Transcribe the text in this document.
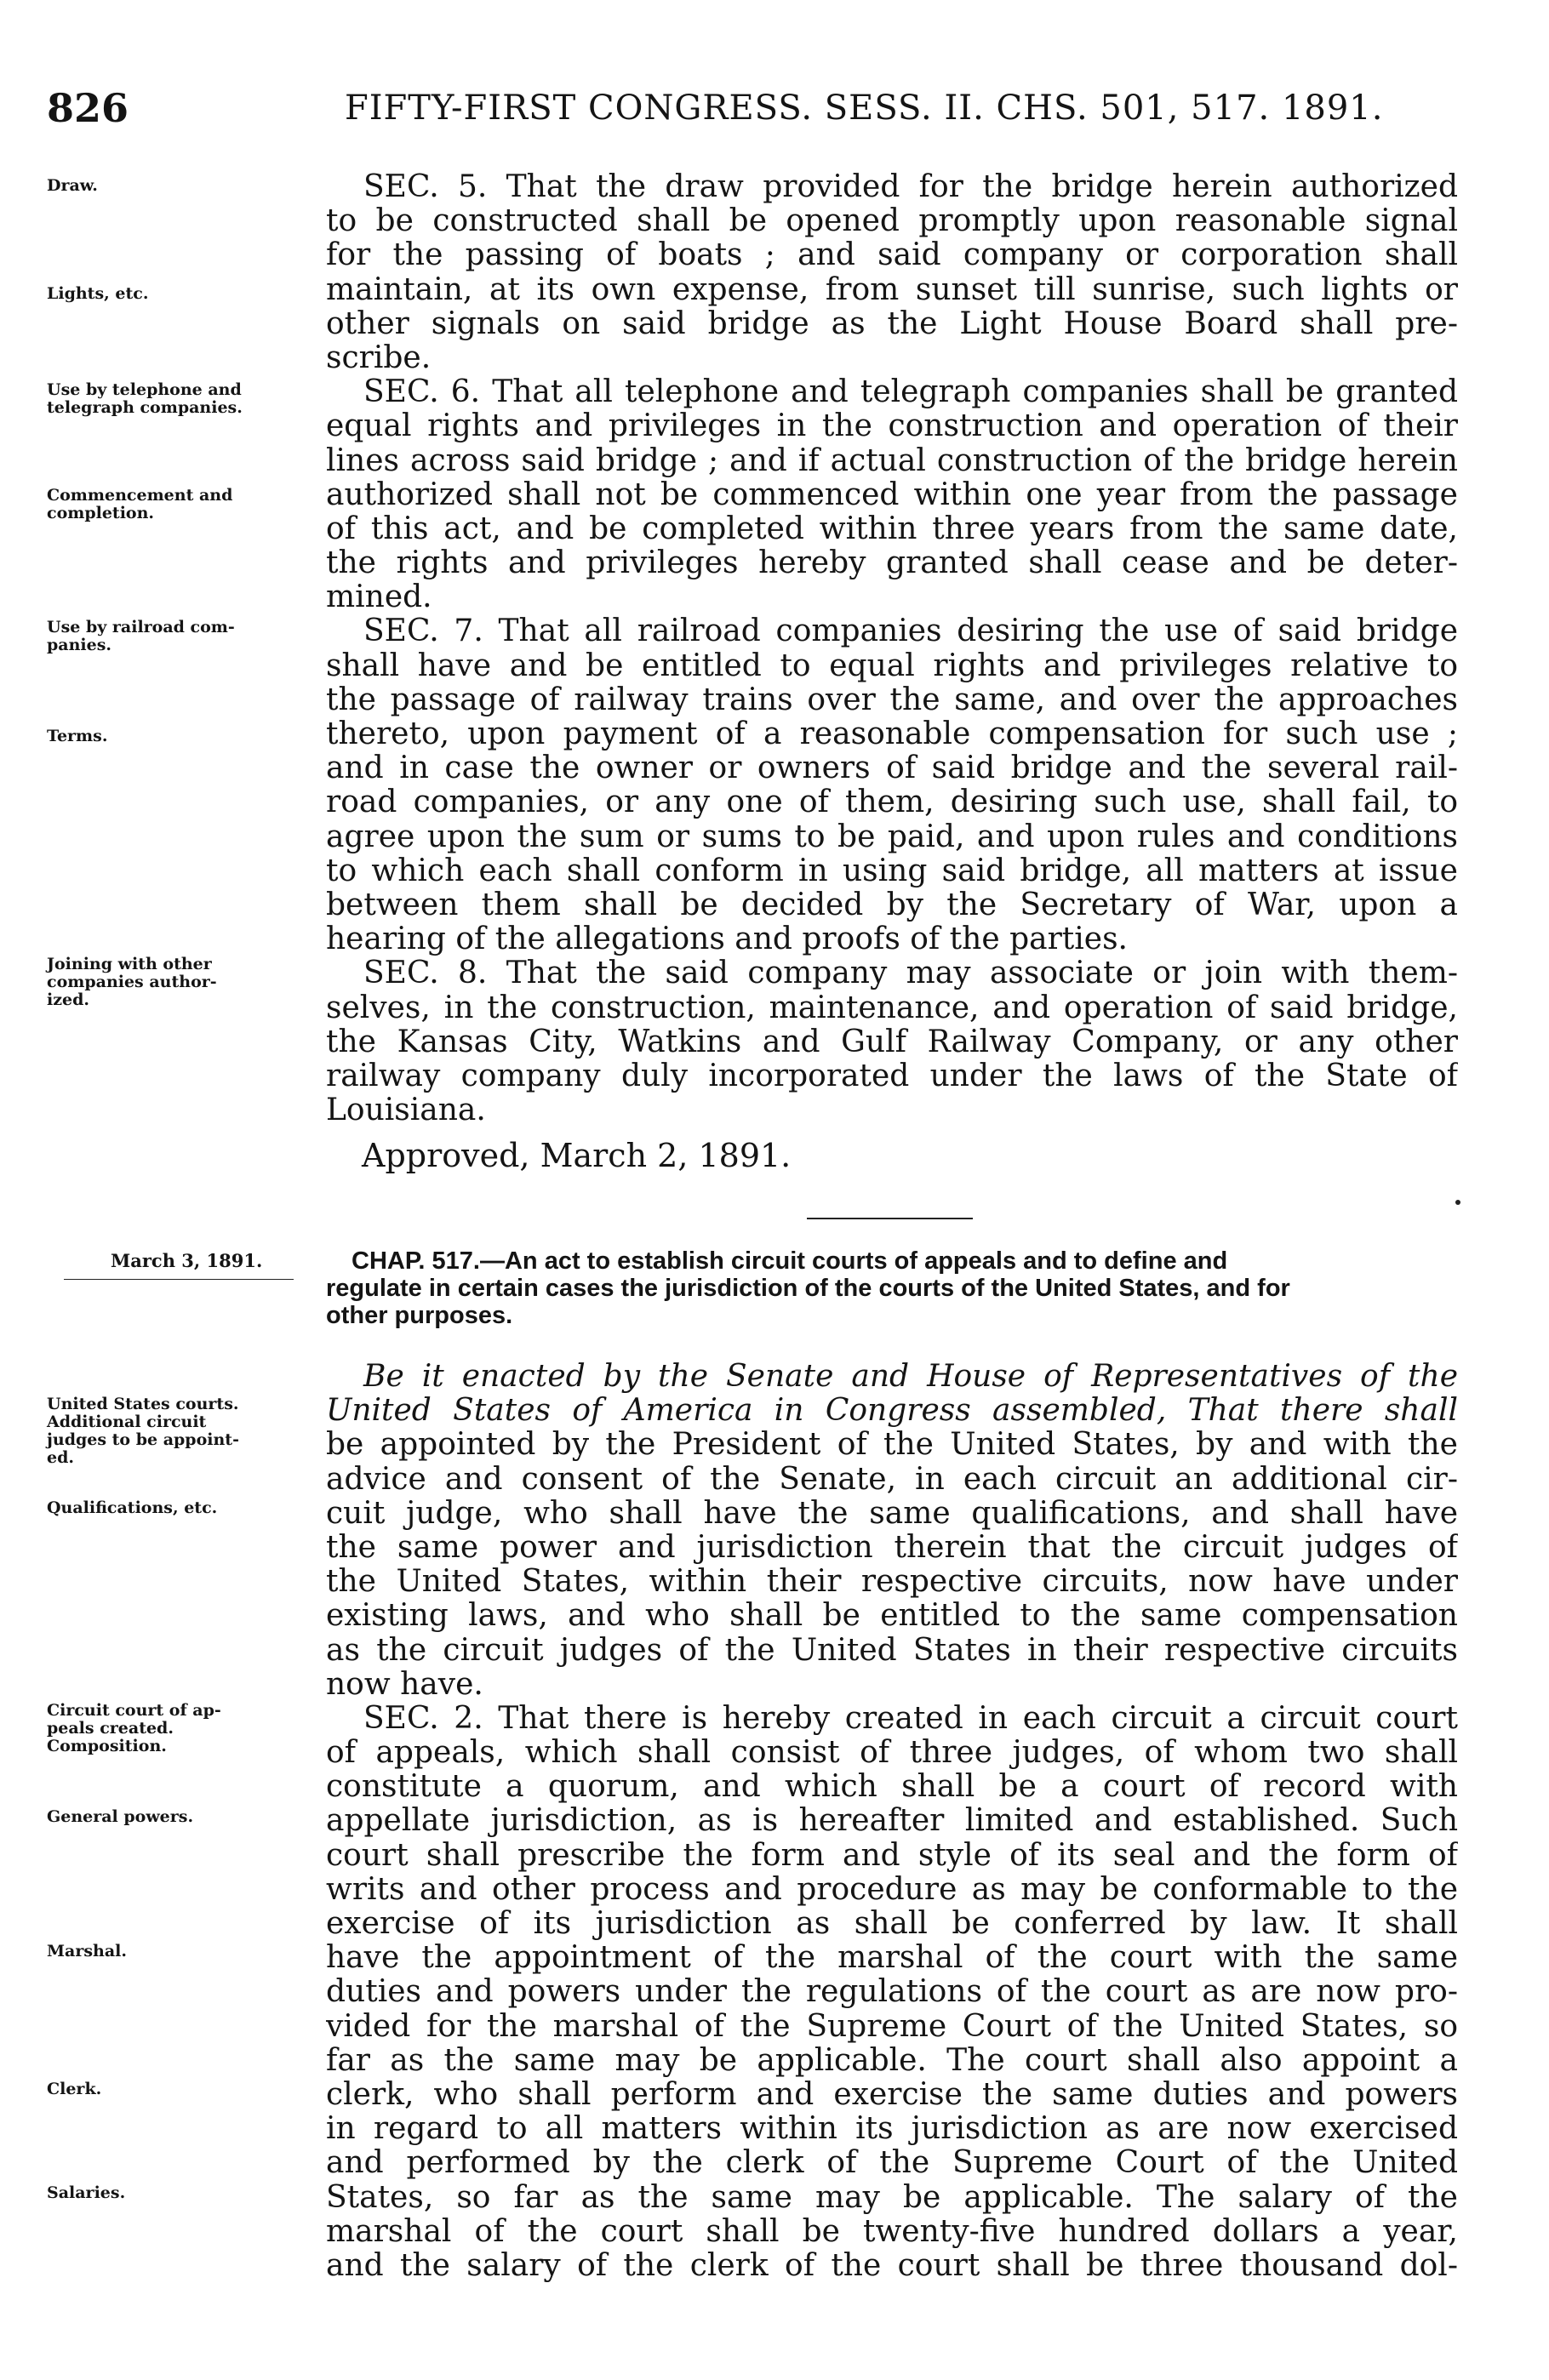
826	FIFTY-FIRST CONGRESS. SESS. II. CHS. 501, 517. 1891.
Draw.
Lights, etc.
Use by telephone and
telegraph companies.
Commencement and
completion.
Use by railroad com-
panies.
Terms.
Joining with other
companies author-
ized.
SEC. 5. That the draw provided for the bridge herein authorized
to be constructed shall be opened promptly upon reasonable signal
for the passing of boats ; and said company or corporation shall
maintain, at its own expense, from sunset till sunrise, such lights or
other signals on said bridge as the Light House Board shall pre-
scribe.
SEC. 6. That all telephone and telegraph companies shall be granted
equal rights and privileges in the construction and operation of their
lines across said bridge ; and if actual construction of the bridge herein
authorized shall not be commenced within one year from the passage
of this act, and be completed within three years from the same date,
the rights and privileges hereby granted shall cease and be deter-
mined.
SEC. 7. That all railroad companies desiring the use of said bridge
shall have and be entitled to equal rights and privileges relative to
the passage of railway trains over the same, and over the approaches
thereto, upon payment of a reasonable compensation for such use ;
and in case the owner or owners of said bridge and the several rail-
road companies, or any one of them, desiring such use, shall fail, to
agree upon the sum or sums to be paid, and upon rules and conditions
to which each shall conform in using said bridge, all matters at issue
between them shall be decided by the Secretary of War, upon a
hearing of the allegations and proofs of the parties.
SEC. 8. That the said company may associate or join with them-
selves, in the construction, maintenance, and operation of said bridge,
the Kansas City, Watkins and Gulf Railway Company, or any other
railway company duly incorporated under the laws of the State of
Louisiana.
Approved, March 2, 1891.
March 3, 1891.	CHAP. 517.—An act to establish circuit courts of appeals and to define and
regulate in certain cases the jurisdiction of the courts of the United States, and for
other purposes.
United States courts.
Additional circuit
judges to be appoint-
ed.
Qualifications, etc.
Circuit court of ap-
peals created.
Composition.
General powers.
Marshal.
Clerk.
Salaries.
Be it enacted by the Senate and House of Representatives of the
United States of America in Congress assembled, That there shall
be appointed by the President of the United States, by and with the
advice and consent of the Senate, in each circuit an additional cir-
cuit judge, who shall have the same qualifications, and shall have
the same power and jurisdiction therein that the circuit judges of
the United States, within their respective circuits, now have under
existing laws, and who shall be entitled to the same compensation
as the circuit judges of the United States in their respective circuits
now have.
SEC. 2. That there is hereby created in each circuit a circuit court
of appeals, which shall consist of three judges, of whom two shall
constitute a quorum, and which shall be a court of record with
appellate jurisdiction, as is hereafter limited and established. Such
court shall prescribe the form and style of its seal and the form of
writs and other process and procedure as may be conformable to the
exercise of its jurisdiction as shall be conferred by law. It shall
have the appointment of the marshal of the court with the same
duties and powers under the regulations of the court as are now pro-
vided for the marshal of the Supreme Court of the United States, so
far as the same may be applicable. The court shall also appoint a
clerk, who shall perform and exercise the same duties and powers
in regard to all matters within its jurisdiction as are now exercised
and performed by the clerk of the Supreme Court of the United
States, so far as the same may be applicable. The salary of the
marshal of the court shall be twenty-five hundred dollars a year,
and the salary of the clerk of the court shall be three thousand dol-
